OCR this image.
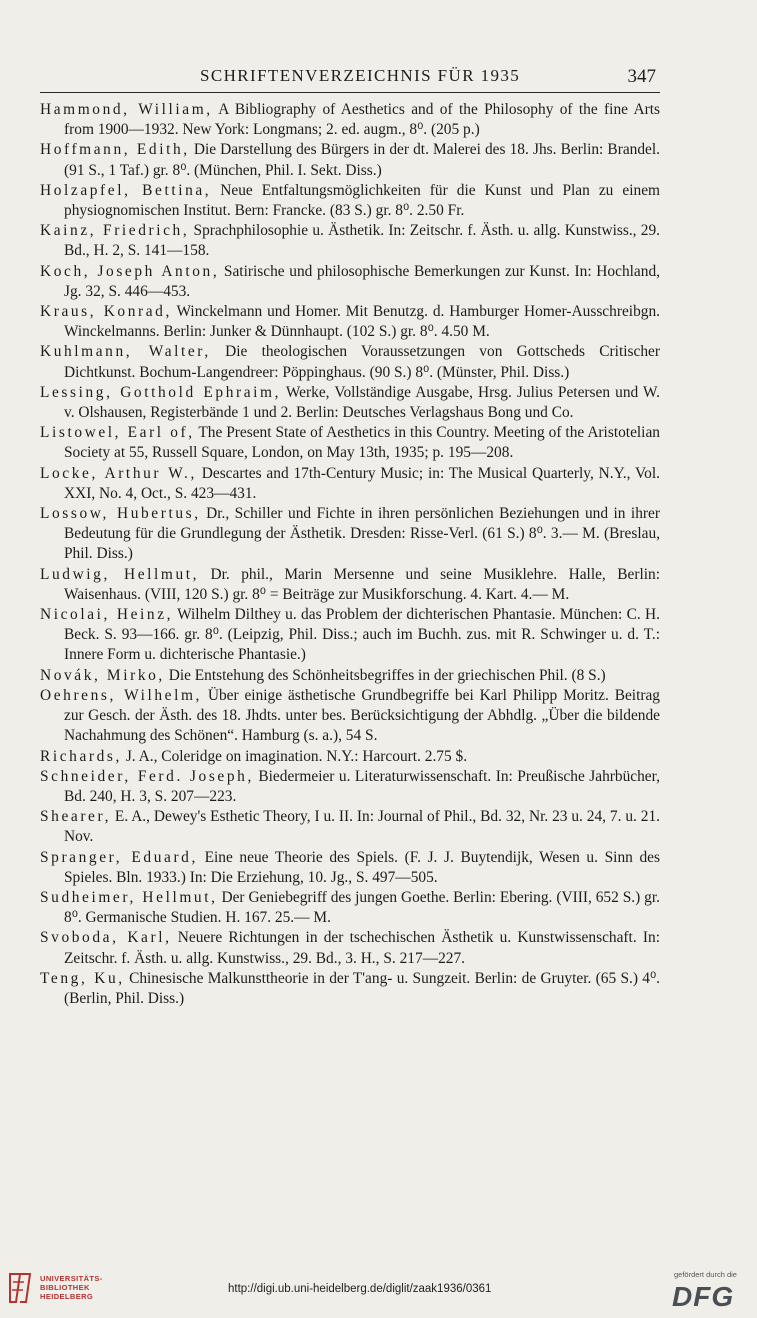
SCHRIFTENVERZEICHNIS FÜR 1935	347

Hammond, William, A Bibliography of Aesthetics and of the Philosophy of the fine Arts from 1900—1932. New York: Longmans; 2. ed. augm., 8⁰. (205 p.)

Hoffmann, Edith, Die Darstellung des Bürgers in der dt. Malerei des 18. Jhs. Berlin: Brandel. (91 S., 1 Taf.) gr. 8⁰. (München, Phil. I. Sekt. Diss.)

Holzapfel, Bettina, Neue Entfaltungsmöglichkeiten für die Kunst und Plan zu einem physiognomischen Institut. Bern: Francke. (83 S.) gr. 8⁰. 2.50 Fr.

Kainz, Friedrich, Sprachphilosophie u. Ästhetik. In: Zeitschr. f. Ästh. u. allg. Kunstwiss., 29. Bd., H. 2, S. 141—158.

Koch, Joseph Anton, Satirische und philosophische Bemerkungen zur Kunst. In: Hochland, Jg. 32, S. 446—453.

Kraus, Konrad, Winckelmann und Homer. Mit Benutzg. d. Hamburger Homer-Ausschreibgn. Winckelmanns. Berlin: Junker & Dünnhaupt. (102 S.) gr. 8⁰. 4.50 M.

Kuhlmann, Walter, Die theologischen Voraussetzungen von Gottscheds Critischer Dichtkunst. Bochum-Langendreer: Pöppinghaus. (90 S.) 8⁰. (Münster, Phil. Diss.)

Lessing, Gotthold Ephraim, Werke, Vollständige Ausgabe, Hrsg. Julius Petersen und W. v. Olshausen, Registerbände 1 und 2. Berlin: Deutsches Verlagshaus Bong und Co.

Listowel, Earl of, The Present State of Aesthetics in this Country. Meeting of the Aristotelian Society at 55, Russell Square, London, on May 13th, 1935; p. 195—208.

Locke, Arthur W., Descartes and 17th-Century Music; in: The Musical Quarterly, N.Y., Vol. XXI, No. 4, Oct., S. 423—431.

Lossow, Hubertus, Dr., Schiller und Fichte in ihren persönlichen Beziehungen und in ihrer Bedeutung für die Grundlegung der Ästhetik. Dresden: Risse-Verl. (61 S.) 8⁰. 3.— M. (Breslau, Phil. Diss.)

Ludwig, Hellmut, Dr. phil., Marin Mersenne und seine Musiklehre. Halle, Berlin: Waisenhaus. (VIII, 120 S.) gr. 8⁰ = Beiträge zur Musikforschung. 4. Kart. 4.— M.

Nicolai, Heinz, Wilhelm Dilthey u. das Problem der dichterischen Phantasie. München: C. H. Beck. S. 93—166. gr. 8⁰. (Leipzig, Phil. Diss.; auch im Buchh. zus. mit R. Schwinger u. d. T.: Innere Form u. dichterische Phantasie.)

Novák, Mirko, Die Entstehung des Schönheitsbegriffes in der griechischen Phil. (8 S.)

Oehrens, Wilhelm, Über einige ästhetische Grundbegriffe bei Karl Philipp Moritz. Beitrag zur Gesch. der Ästh. des 18. Jhdts. unter bes. Berücksichtigung der Abhdlg. „Über die bildende Nachahmung des Schönen“. Hamburg (s. a.), 54 S.

Richards, J. A., Coleridge on imagination. N.Y.: Harcourt. 2.75 $.

Schneider, Ferd. Joseph, Biedermeier u. Literaturwissenschaft. In: Preußische Jahrbücher, Bd. 240, H. 3, S. 207—223.

Shearer, E. A., Dewey's Esthetic Theory, I u. II. In: Journal of Phil., Bd. 32, Nr. 23 u. 24, 7. u. 21. Nov.

Spranger, Eduard, Eine neue Theorie des Spiels. (F. J. J. Buytendijk, Wesen u. Sinn des Spieles. Bln. 1933.) In: Die Erziehung, 10. Jg., S. 497—505.

Sudheimer, Hellmut, Der Geniebegriff des jungen Goethe. Berlin: Ebering. (VIII, 652 S.) gr. 8⁰. Germanische Studien. H. 167. 25.— M.

Svoboda, Karl, Neuere Richtungen in der tschechischen Ästhetik u. Kunstwissenschaft. In: Zeitschr. f. Ästh. u. allg. Kunstwiss., 29. Bd., 3. H., S. 217—227.

Teng, Ku, Chinesische Malkunsttheorie in der T'ang- u. Sungzeit. Berlin: de Gruyter. (65 S.) 4⁰. (Berlin, Phil. Diss.)

UNIVERSITÄTS-
BIBLIOTHEK
HEIDELBERG
http://digi.ub.uni-heidelberg.de/diglit/zaak1936/0361
gefördert durch die
DFG
